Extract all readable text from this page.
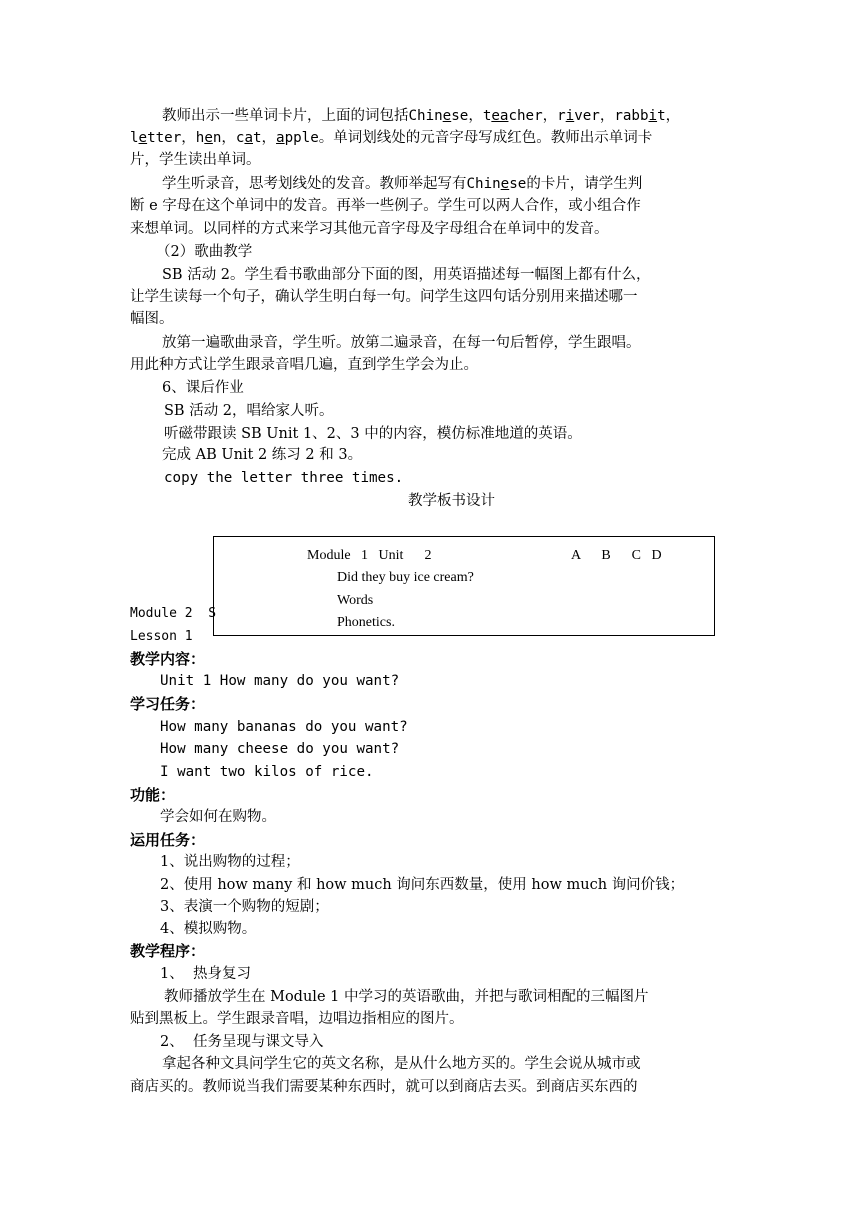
教师出示一些单词卡片，上面的词包括Chinese，teacher，river，rabbit，
letter，hen，cat，apple。单词划线处的元音字母写成红色。教师出示单词卡
片，学生读出单词。
学生听录音，思考划线处的发音。教师举起写有Chinese的卡片，请学生判
断 e 字母在这个单词中的发音。再举一些例子。学生可以两人合作，或小组合作
来想单词。以同样的方式来学习其他元音字母及字母组合在单词中的发音。
（2）歌曲教学
SB 活动 2。学生看书歌曲部分下面的图，用英语描述每一幅图上都有什么，
让学生读每一个句子，确认学生明白每一句。问学生这四句话分别用来描述哪一
幅图。
放第一遍歌曲录音，学生听。放第二遍录音，在每一句后暂停，学生跟唱。
用此种方式让学生跟录音唱几遍，直到学生学会为止。
6、课后作业
SB 活动 2，唱给家人听。
听磁带跟读 SB Unit 1、2、3 中的内容，模仿标准地道的英语。
完成 AB Unit 2 练习 2 和 3。
copy the letter three times.
教学板书设计
Module   1   Unit      2	A      B      C   D
Did they buy ice cream?
Words
Phonetics.
Module 2  S
Lesson 1
教学内容：
Unit 1 How many do you want?
学习任务：
How many bananas do you want?
How many cheese do you want?
I want two kilos of rice.
功能：
学会如何在购物。
运用任务：
1、说出购物的过程；
2、使用 how many 和 how much 询问东西数量，使用 how much 询问价钱；
3、表演一个购物的短剧；
4、模拟购物。
教学程序：
1、  热身复习
教师播放学生在 Module 1 中学习的英语歌曲，并把与歌词相配的三幅图片
贴到黑板上。学生跟录音唱，边唱边指相应的图片。
2、  任务呈现与课文导入
拿起各种文具问学生它的英文名称，是从什么地方买的。学生会说从城市或
商店买的。教师说当我们需要某种东西时，就可以到商店去买。到商店买东西的
